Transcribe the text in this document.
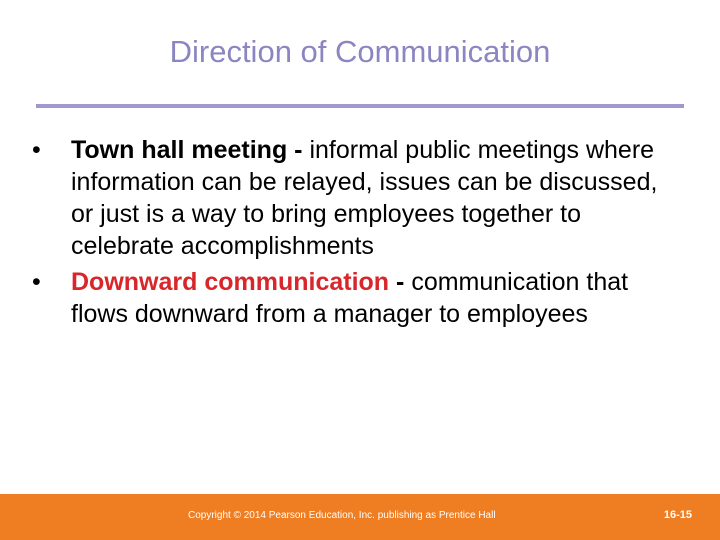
Direction of Communication
•	Town hall meeting - informal public meetings where information can be relayed, issues can be discussed, or just is a way to bring employees together to celebrate accomplishments
•	Downward communication - communication that flows downward from a manager to employees
Copyright © 2014 Pearson Education, Inc. publishing as Prentice Hall	16-15
